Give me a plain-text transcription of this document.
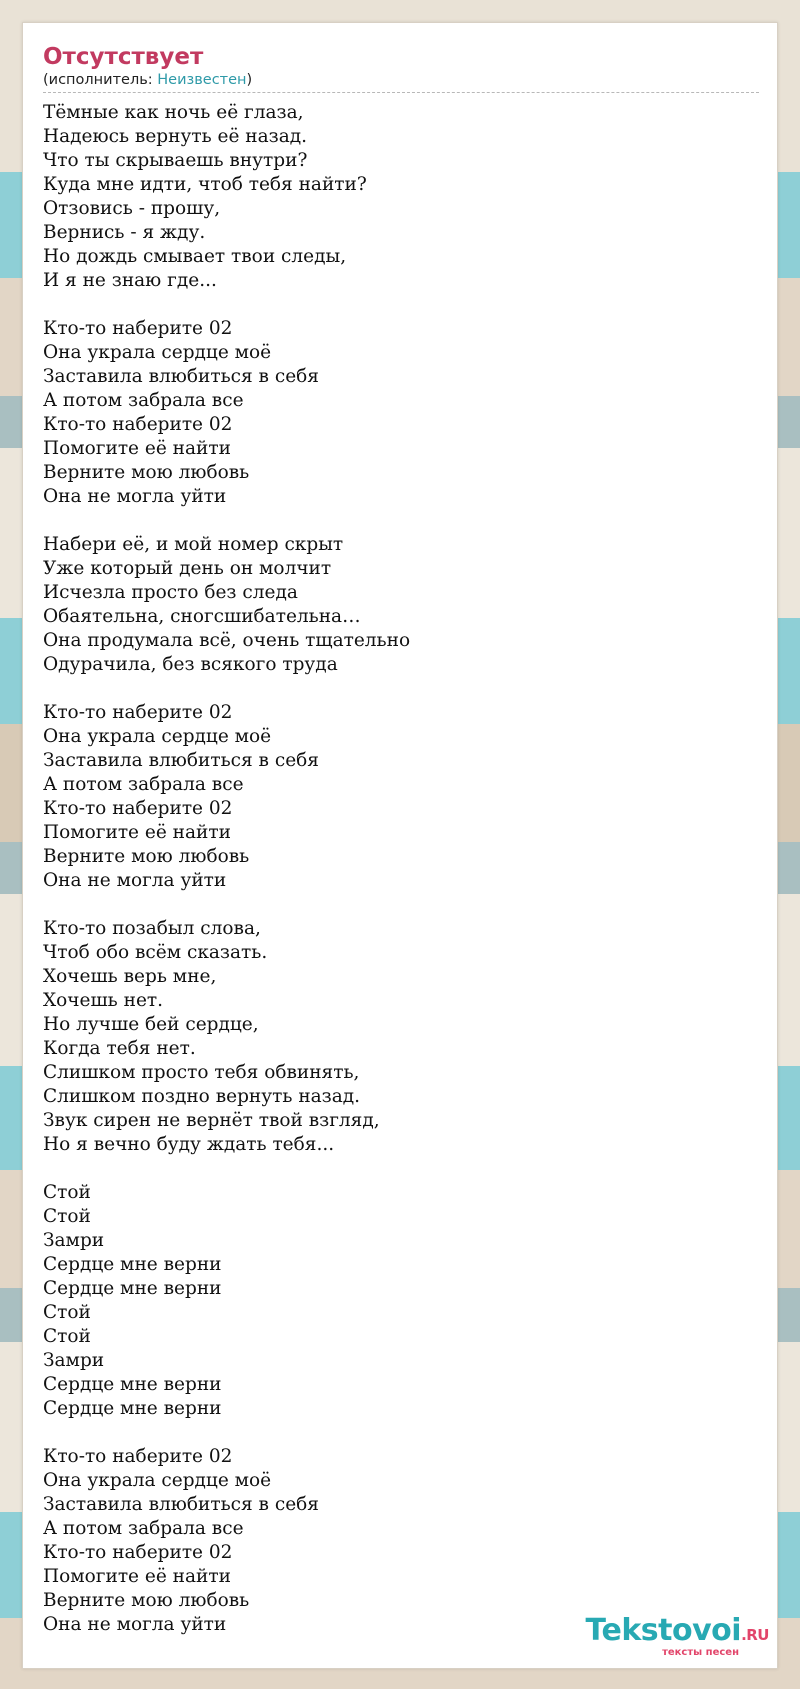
Отсутствует
(исполнитель: Неизвестен)
Тёмные как ночь её глаза,
Надеюсь вернуть её назад.
Что ты скрываешь внутри?
Куда мне идти, чтоб тебя найти?
Отзовись - прошу,
Вернись - я жду.
Но дождь смывает твои следы,
И я не знаю где...
Кто-то наберите 02
Она украла сердце моё
Заставила влюбиться в себя
А потом забрала все
Кто-то наберите 02
Помогите её найти
Верните мою любовь
Она не могла уйти
Набери её, и мой номер скрыт
Уже который день он молчит
Исчезла просто без следа
Обаятельна, сногсшибательна…
Она продумала всё, очень тщательно
Одурачила, без всякого труда
Кто-то наберите 02
Она украла сердце моё
Заставила влюбиться в себя
А потом забрала все
Кто-то наберите 02
Помогите её найти
Верните мою любовь
Она не могла уйти
Кто-то позабыл слова,
Чтоб обо всём сказать.
Хочешь верь мне,
Хочешь нет.
Но лучше бей сердце,
Когда тебя нет.
Слишком просто тебя обвинять,
Слишком поздно вернуть назад.
Звук сирен не вернёт твой взгляд,
Но я вечно буду ждать тебя...
Стой
Стой
Замри
Сердце мне верни
Сердце мне верни
Стой
Стой
Замри
Сердце мне верни
Сердце мне верни
Кто-то наберите 02
Она украла сердце моё
Заставила влюбиться в себя
А потом забрала все
Кто-то наберите 02
Помогите её найти
Верните мою любовь
Она не могла уйти	Tekstovoi.RU
тексты песен
